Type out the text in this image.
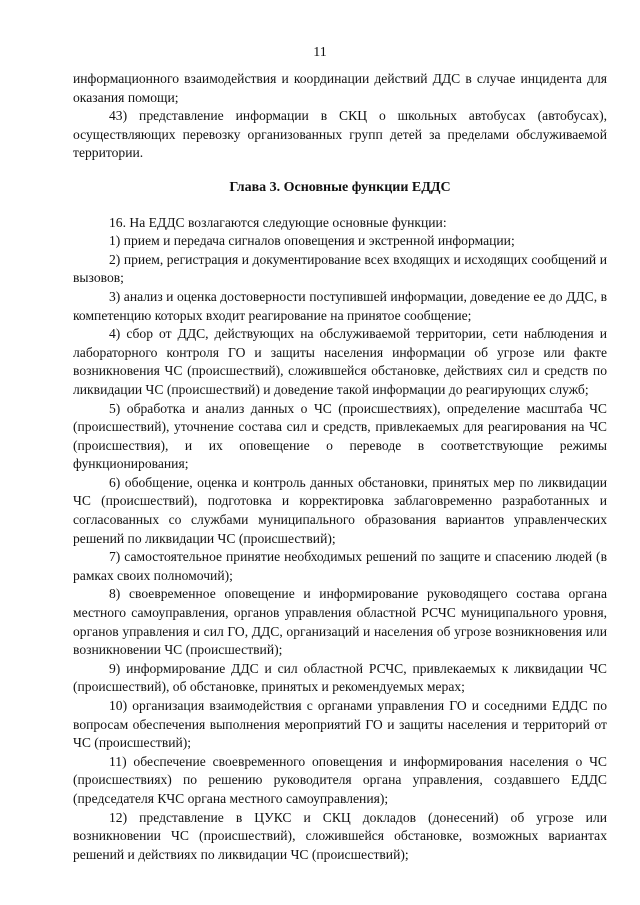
11

информационного взаимодействия и координации действий ДДС в случае инцидента для оказания помощи;

43) представление информации в СКЦ о школьных автобусах (автобусах), осуществляющих перевозку организованных групп детей за пределами обслуживаемой территории.

Глава 3. Основные функции ЕДДС

16. На ЕДДС возлагаются следующие основные функции:

1) прием и передача сигналов оповещения и экстренной информации;

2) прием, регистрация и документирование всех входящих и исходящих сообщений и вызовов;

3) анализ и оценка достоверности поступившей информации, доведение ее до ДДС, в компетенцию которых входит реагирование на принятое сообщение;

4) сбор от ДДС, действующих на обслуживаемой территории, сети наблюдения и лабораторного контроля ГО и защиты населения информации об угрозе или факте возникновения ЧС (происшествий), сложившейся обстановке, действиях сил и средств по ликвидации ЧС (происшествий) и доведение такой информации до реагирующих служб;

5) обработка и анализ данных о ЧС (происшествиях), определение масштаба ЧС (происшествий), уточнение состава сил и средств, привлекаемых для реагирования на ЧС (происшествия), и их оповещение о переводе в соответствующие режимы функционирования;

6) обобщение, оценка и контроль данных обстановки, принятых мер по ликвидации ЧС (происшествий), подготовка и корректировка заблаговременно разработанных и согласованных со службами муниципального образования вариантов управленческих решений по ликвидации ЧС (происшествий);

7) самостоятельное принятие необходимых решений по защите и спасению людей (в рамках своих полномочий);

8) своевременное оповещение и информирование руководящего состава органа местного самоуправления, органов управления областной РСЧС муниципального уровня, органов управления и сил ГО, ДДС, организаций и населения об угрозе возникновения или возникновении ЧС (происшествий);

9) информирование ДДС и сил областной РСЧС, привлекаемых к ликвидации ЧС (происшествий), об обстановке, принятых и рекомендуемых мерах;

10) организация взаимодействия с органами управления ГО и соседними ЕДДС по вопросам обеспечения выполнения мероприятий ГО и защиты населения и территорий от ЧС (происшествий);

11) обеспечение своевременного оповещения и информирования населения о ЧС (происшествиях) по решению руководителя органа управления, создавшего ЕДДС (председателя КЧС органа местного самоуправления);

12) представление в ЦУКС и СКЦ докладов (донесений) об угрозе или возникновении ЧС (происшествий), сложившейся обстановке, возможных вариантах решений и действиях по ликвидации ЧС (происшествий);
